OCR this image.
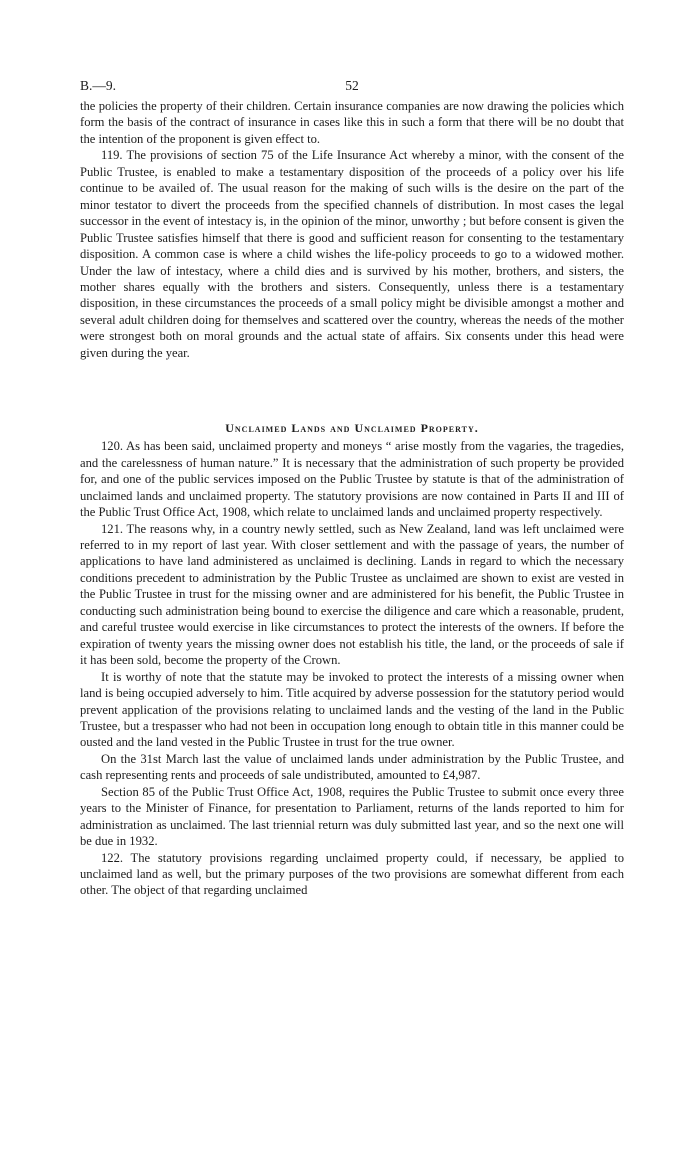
B.—9.	52

the policies the property of their children. Certain insurance companies are now drawing the policies which form the basis of the contract of insurance in cases like this in such a form that there will be no doubt that the intention of the proponent is given effect to.

119. The provisions of section 75 of the Life Insurance Act whereby a minor, with the consent of the Public Trustee, is enabled to make a testamentary disposition of the proceeds of a policy over his life continue to be availed of. The usual reason for the making of such wills is the desire on the part of the minor testator to divert the proceeds from the specified channels of distribution. In most cases the legal successor in the event of intestacy is, in the opinion of the minor, unworthy ; but before consent is given the Public Trustee satisfies himself that there is good and sufficient reason for consenting to the testamentary disposition. A common case is where a child wishes the life-policy proceeds to go to a widowed mother. Under the law of intestacy, where a child dies and is survived by his mother, brothers, and sisters, the mother shares equally with the brothers and sisters. Consequently, unless there is a testamentary disposition, in these circumstances the proceeds of a small policy might be divisible amongst a mother and several adult children doing for themselves and scattered over the country, whereas the needs of the mother were strongest both on moral grounds and the actual state of affairs. Six consents under this head were given during the year.

Unclaimed Lands and Unclaimed Property.

120. As has been said, unclaimed property and moneys “ arise mostly from the vagaries, the tragedies, and the carelessness of human nature.” It is necessary that the administration of such property be provided for, and one of the public services imposed on the Public Trustee by statute is that of the administration of unclaimed lands and unclaimed property. The statutory provisions are now contained in Parts II and III of the Public Trust Office Act, 1908, which relate to unclaimed lands and unclaimed property respectively.

121. The reasons why, in a country newly settled, such as New Zealand, land was left unclaimed were referred to in my report of last year. With closer settlement and with the passage of years, the number of applications to have land administered as unclaimed is declining. Lands in regard to which the necessary conditions precedent to administration by the Public Trustee as unclaimed are shown to exist are vested in the Public Trustee in trust for the missing owner and are administered for his benefit, the Public Trustee in conducting such administration being bound to exercise the diligence and care which a reasonable, prudent, and careful trustee would exercise in like circumstances to protect the interests of the owners. If before the expiration of twenty years the missing owner does not establish his title, the land, or the proceeds of sale if it has been sold, become the property of the Crown.

It is worthy of note that the statute may be invoked to protect the interests of a missing owner when land is being occupied adversely to him. Title acquired by adverse possession for the statutory period would prevent application of the provisions relating to unclaimed lands and the vesting of the land in the Public Trustee, but a trespasser who had not been in occupation long enough to obtain title in this manner could be ousted and the land vested in the Public Trustee in trust for the true owner.

On the 31st March last the value of unclaimed lands under administration by the Public Trustee, and cash representing rents and proceeds of sale undistributed, amounted to £4,987.

Section 85 of the Public Trust Office Act, 1908, requires the Public Trustee to submit once every three years to the Minister of Finance, for presentation to Parliament, returns of the lands reported to him for administration as unclaimed. The last triennial return was duly submitted last year, and so the next one will be due in 1932.

122. The statutory provisions regarding unclaimed property could, if necessary, be applied to unclaimed land as well, but the primary purposes of the two provisions are somewhat different from each other. The object of that regarding unclaimed
